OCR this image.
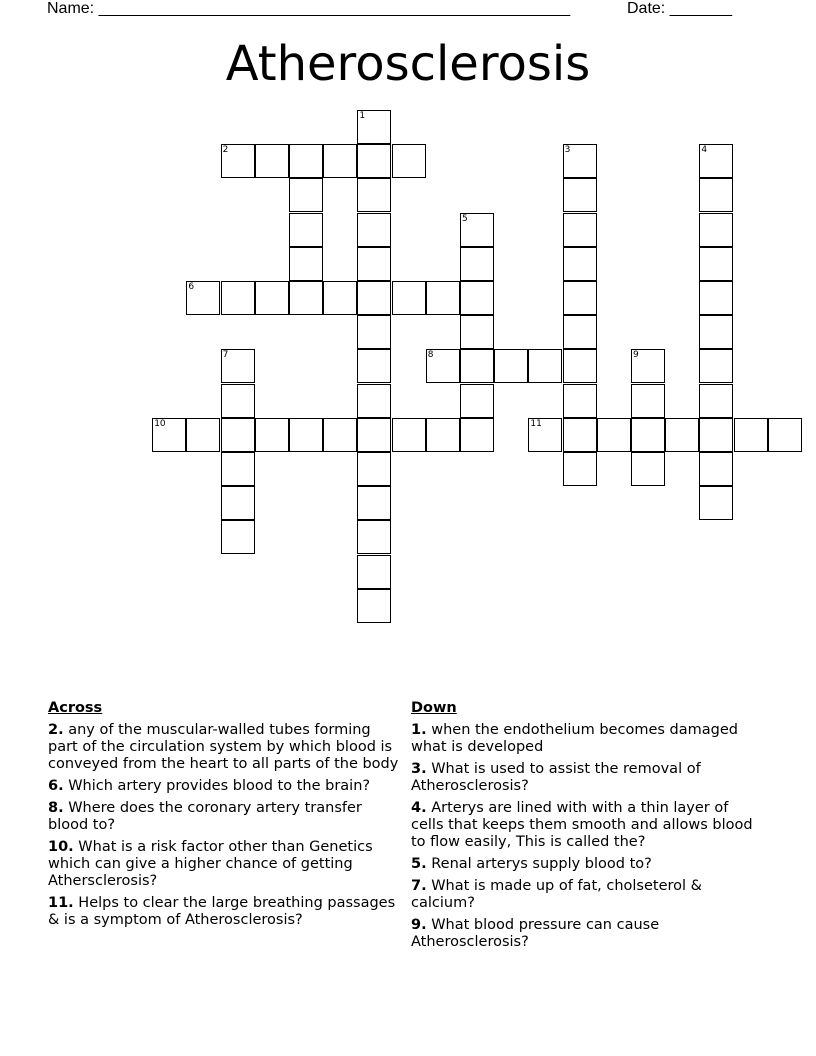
Name: _____________________________________________________	Date: _______
Atherosclerosis
1
2	3	4
5
6
7	8	9
10	11
Across
2. any of the muscular-walled tubes forming part of the circulation system by which blood is conveyed from the heart to all parts of the body
6. Which artery provides blood to the brain?
8. Where does the coronary artery transfer blood to?
10. What is a risk factor other than Genetics which can give a higher chance of getting Athersclerosis?
11. Helps to clear the large breathing passages & is a symptom of Atherosclerosis?
Down
1. when the endothelium becomes damaged what is developed
3. What is used to assist the removal of Atherosclerosis?
4. Arterys are lined with with a thin layer of cells that keeps them smooth and allows blood to flow easily, This is called the?
5. Renal arterys supply blood to?
7. What is made up of fat, cholseterol & calcium?
9. What blood pressure can cause Atherosclerosis?
